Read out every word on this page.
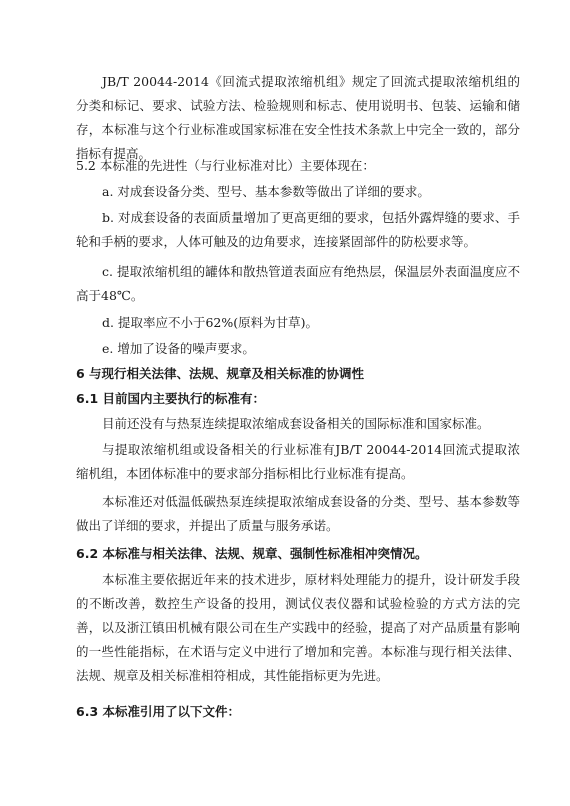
JB/T 20044-2014《回流式提取浓缩机组》规定了回流式提取浓缩机组的分类和标记、要求、试验方法、检验规则和标志、使用说明书、包装、运输和储存，本标准与这个行业标准或国家标准在安全性技术条款上中完全一致的，部分指标有提高。

5.2 本标准的先进性（与行业标准对比）主要体现在：

a. 对成套设备分类、型号、基本参数等做出了详细的要求。

b. 对成套设备的表面质量增加了更高更细的要求，包括外露焊缝的要求、手轮和手柄的要求，人体可触及的边角要求，连接紧固部件的防松要求等。

c. 提取浓缩机组的罐体和散热管道表面应有绝热层，保温层外表面温度应不高于48℃。

d. 提取率应不小于62%(原料为甘草)。

e. 增加了设备的噪声要求。

6 与现行相关法律、法规、规章及相关标准的协调性

6.1 目前国内主要执行的标准有：

目前还没有与热泵连续提取浓缩成套设备相关的国际标准和国家标准。

与提取浓缩机组或设备相关的行业标准有JB/T 20044-2014回流式提取浓缩机组，本团体标准中的要求部分指标相比行业标准有提高。

本标准还对低温低碳热泵连续提取浓缩成套设备的分类、型号、基本参数等做出了详细的要求，并提出了质量与服务承诺。

6.2 本标准与相关法律、法规、规章、强制性标准相冲突情况。

本标准主要依据近年来的技术进步，原材料处理能力的提升，设计研发手段的不断改善，数控生产设备的投用，测试仪表仪器和试验检验的方式方法的完善，以及浙江镇田机械有限公司在生产实践中的经验，提高了对产品质量有影响的一些性能指标，在术语与定义中进行了增加和完善。本标准与现行相关法律、法规、规章及相关标准相符相成，其性能指标更为先进。

6.3 本标准引用了以下文件：
